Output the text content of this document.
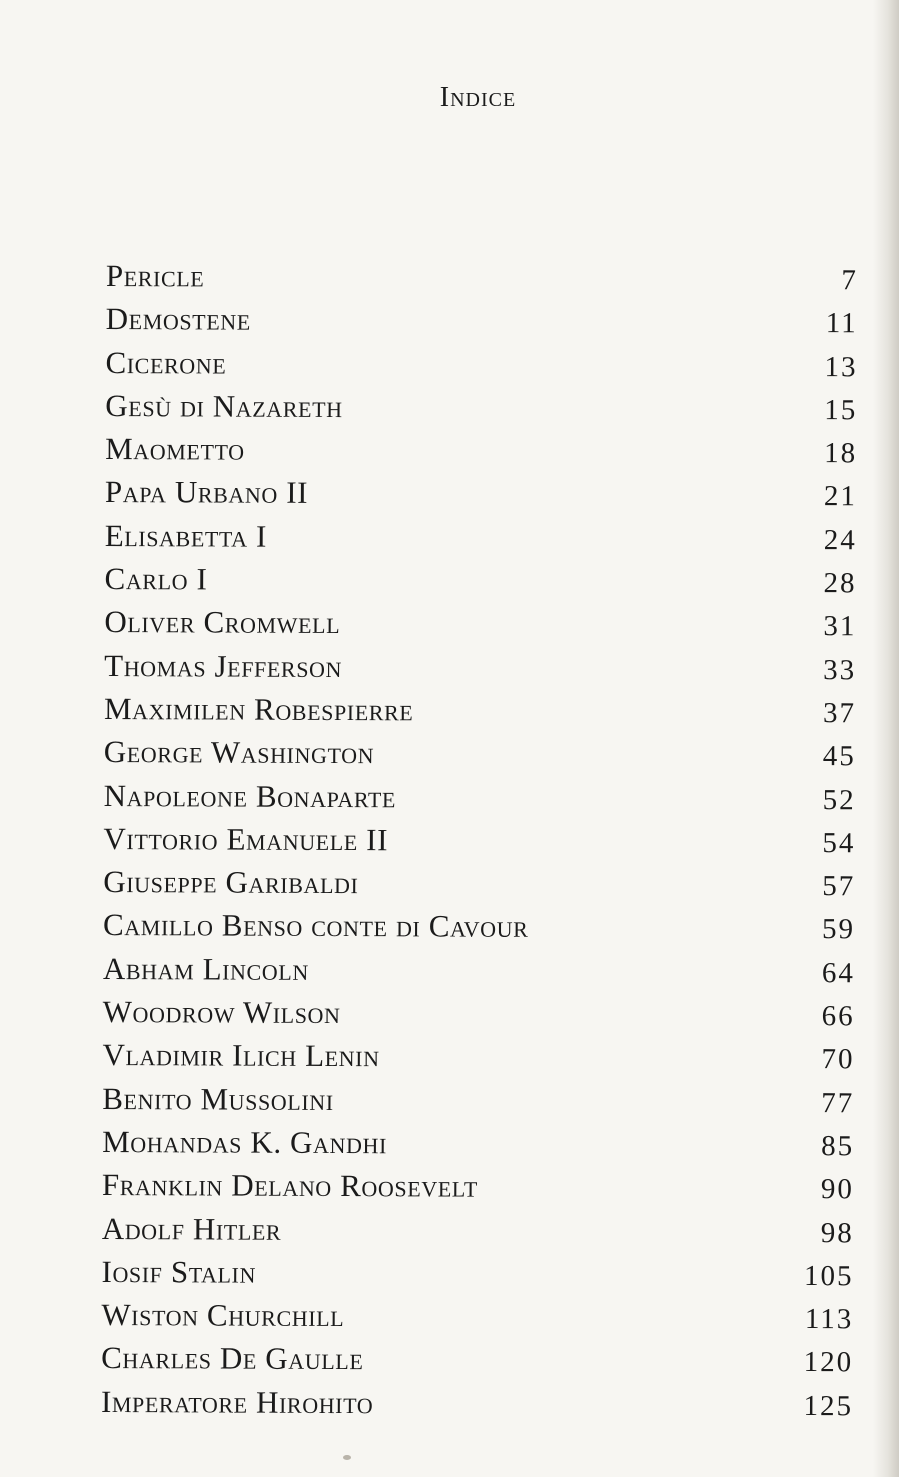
Indice
Pericle	7
Demostene	11
Cicerone	13
Gesù di Nazareth	15
Maometto	18
Papa Urbano II	21
Elisabetta I	24
Carlo I	28
Oliver Cromwell	31
Thomas Jefferson	33
Maximilen Robespierre	37
George Washington	45
Napoleone Bonaparte	52
Vittorio Emanuele II	54
Giuseppe Garibaldi	57
Camillo Benso conte di Cavour	59
Abham Lincoln	64
Woodrow Wilson	66
Vladimir Ilich Lenin	70
Benito Mussolini	77
Mohandas K. Gandhi	85
Franklin Delano Roosevelt	90
Adolf Hitler	98
Iosif Stalin	105
Wiston Churchill	113
Charles De Gaulle	120
Imperatore Hirohito	125
